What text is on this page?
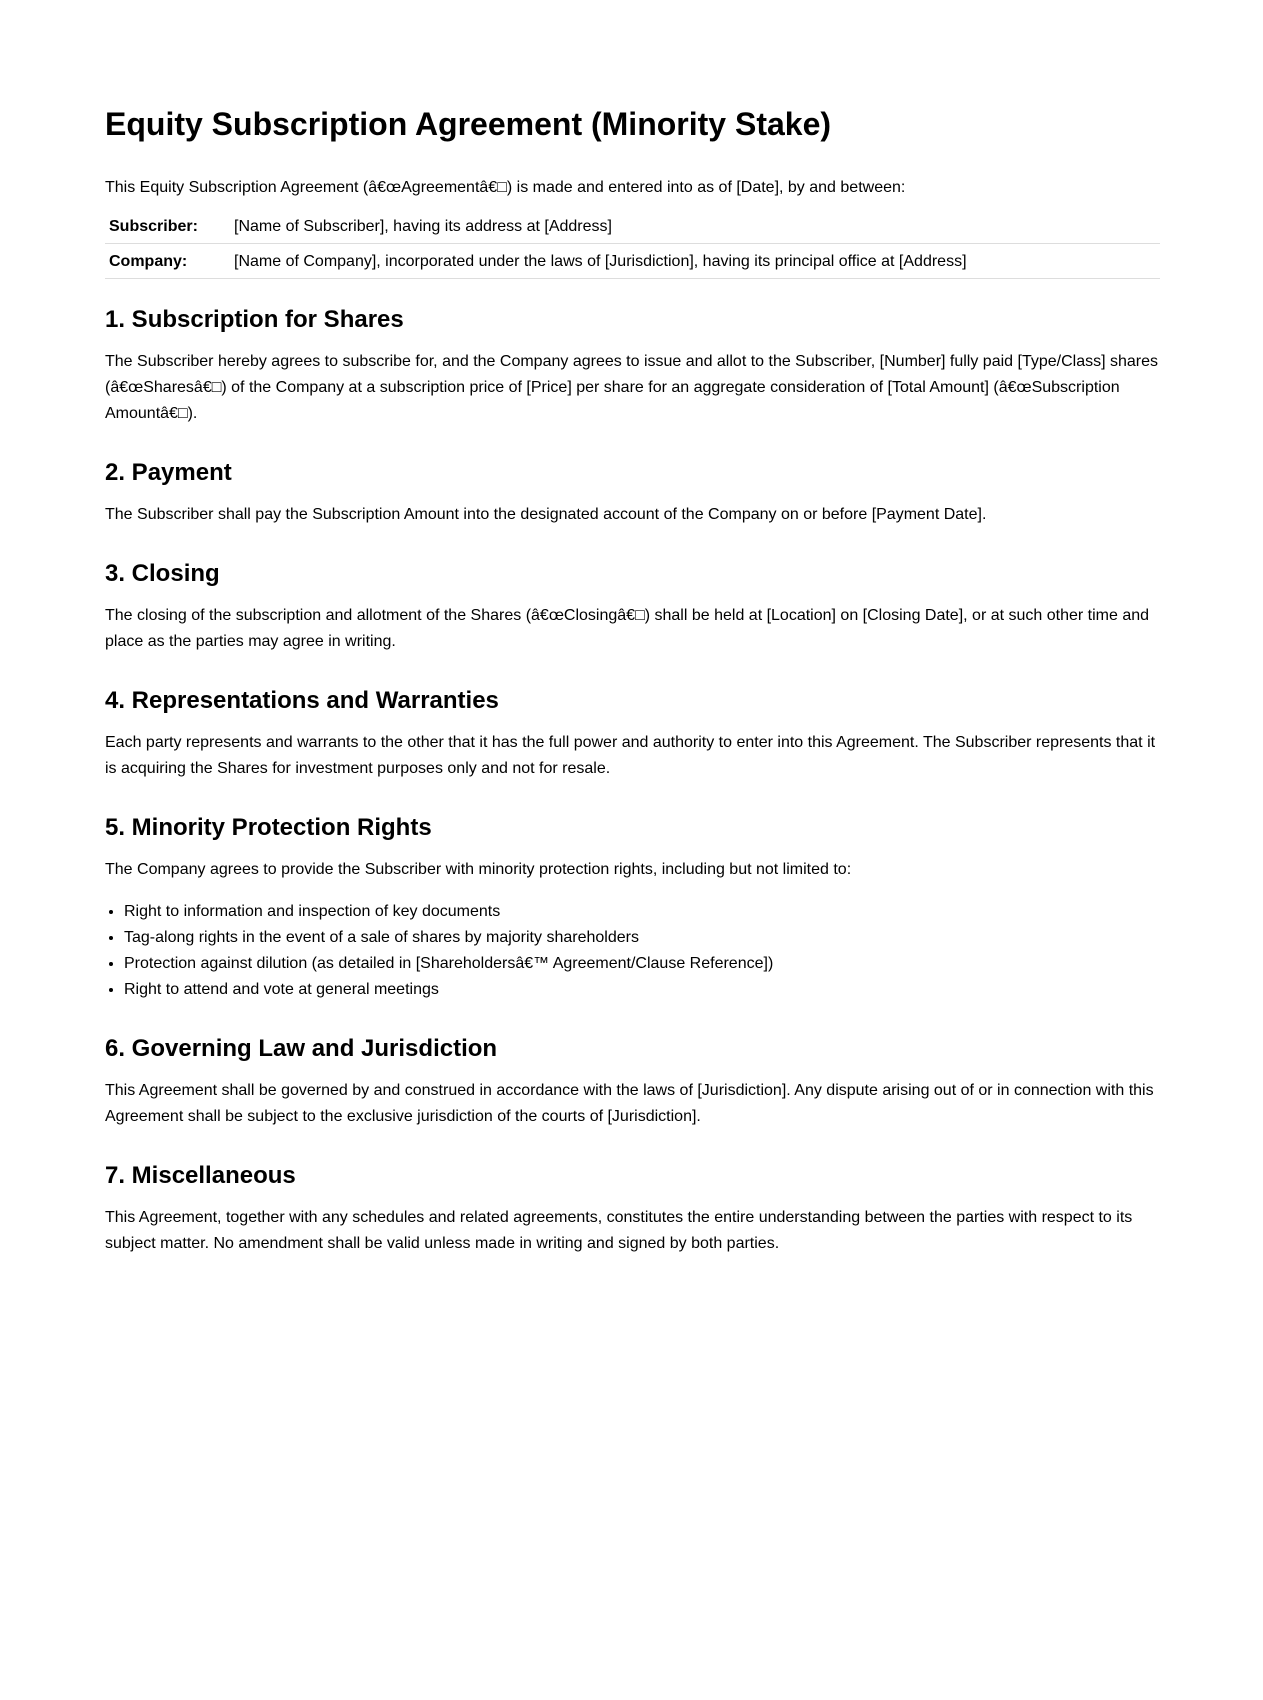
Equity Subscription Agreement (Minority Stake)

This Equity Subscription Agreement (â€œAgreementâ€□) is made and entered into as of [Date], by and between:

Subscriber:	[Name of Subscriber], having its address at [Address]
Company:	[Name of Company], incorporated under the laws of [Jurisdiction], having its principal office at [Address]
1. Subscription for Shares

The Subscriber hereby agrees to subscribe for, and the Company agrees to issue and allot to the Subscriber, [Number] fully paid [Type/Class] shares (â€œSharesâ€□) of the Company at a subscription price of [Price] per share for an aggregate consideration of [Total Amount] (â€œSubscription Amountâ€□).

2. Payment

The Subscriber shall pay the Subscription Amount into the designated account of the Company on or before [Payment Date].

3. Closing

The closing of the subscription and allotment of the Shares (â€œClosingâ€□) shall be held at [Location] on [Closing Date], or at such other time and place as the parties may agree in writing.

4. Representations and Warranties

Each party represents and warrants to the other that it has the full power and authority to enter into this Agreement. The Subscriber represents that it is acquiring the Shares for investment purposes only and not for resale.

5. Minority Protection Rights

The Company agrees to provide the Subscriber with minority protection rights, including but not limited to:

• Right to information and inspection of key documents
• Tag-along rights in the event of a sale of shares by majority shareholders
• Protection against dilution (as detailed in [Shareholdersâ€™ Agreement/Clause Reference])
• Right to attend and vote at general meetings
6. Governing Law and Jurisdiction

This Agreement shall be governed by and construed in accordance with the laws of [Jurisdiction]. Any dispute arising out of or in connection with this Agreement shall be subject to the exclusive jurisdiction of the courts of [Jurisdiction].

7. Miscellaneous

This Agreement, together with any schedules and related agreements, constitutes the entire understanding between the parties with respect to its subject matter. No amendment shall be valid unless made in writing and signed by both parties.
